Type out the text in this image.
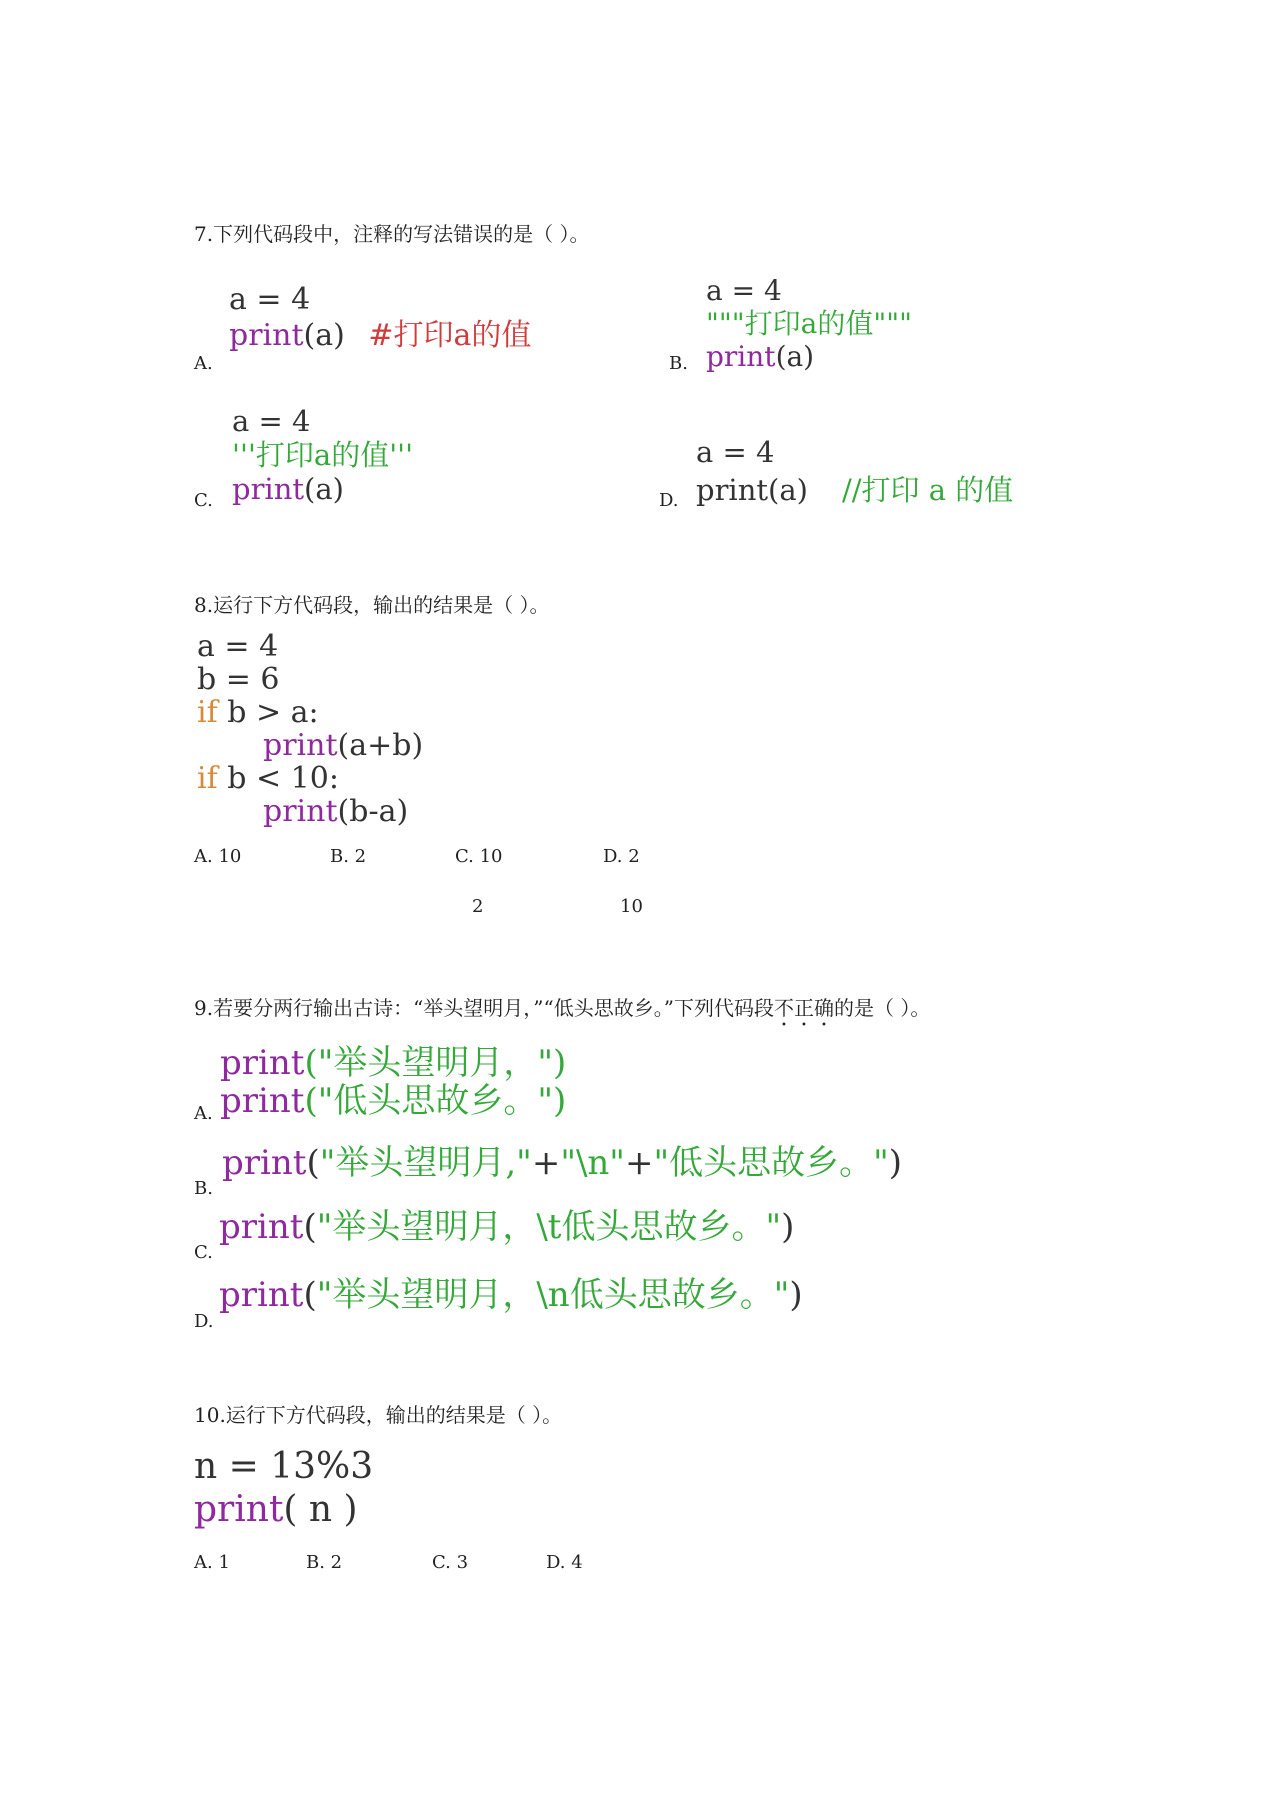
7.下列代码段中，注释的写法错误的是（ ）。
A.
a = 4
print(a) #打印a的值
B.
a = 4
"""打印a的值"""
print(a)
C.
a = 4
'''打印a的值'''
print(a)	D.
a = 4
print(a) //打印 a 的值
8.运行下方代码段，输出的结果是（ ）。
a = 4
b = 6
if b > a:
print(a+b)
if b < 10:
print(b-a)
A. 10	B. 2	C. 10
2
D. 2
10
9.若要分两行输出古诗：“举头望明月，”“低头思故乡。”下列代码段不正确的是（ ）。
A.
print("举头望明月，")
print("低头思故乡。")
B.
print("举头望明月,"+"\n"+"低头思故乡。")
C.
print("举头望明月，\t低头思故乡。")
D.
print("举头望明月，\n低头思故乡。")
10.运行下方代码段，输出的结果是（ ）。
n = 13%3
print( n )
A. 1	B. 2	C. 3	D. 4
